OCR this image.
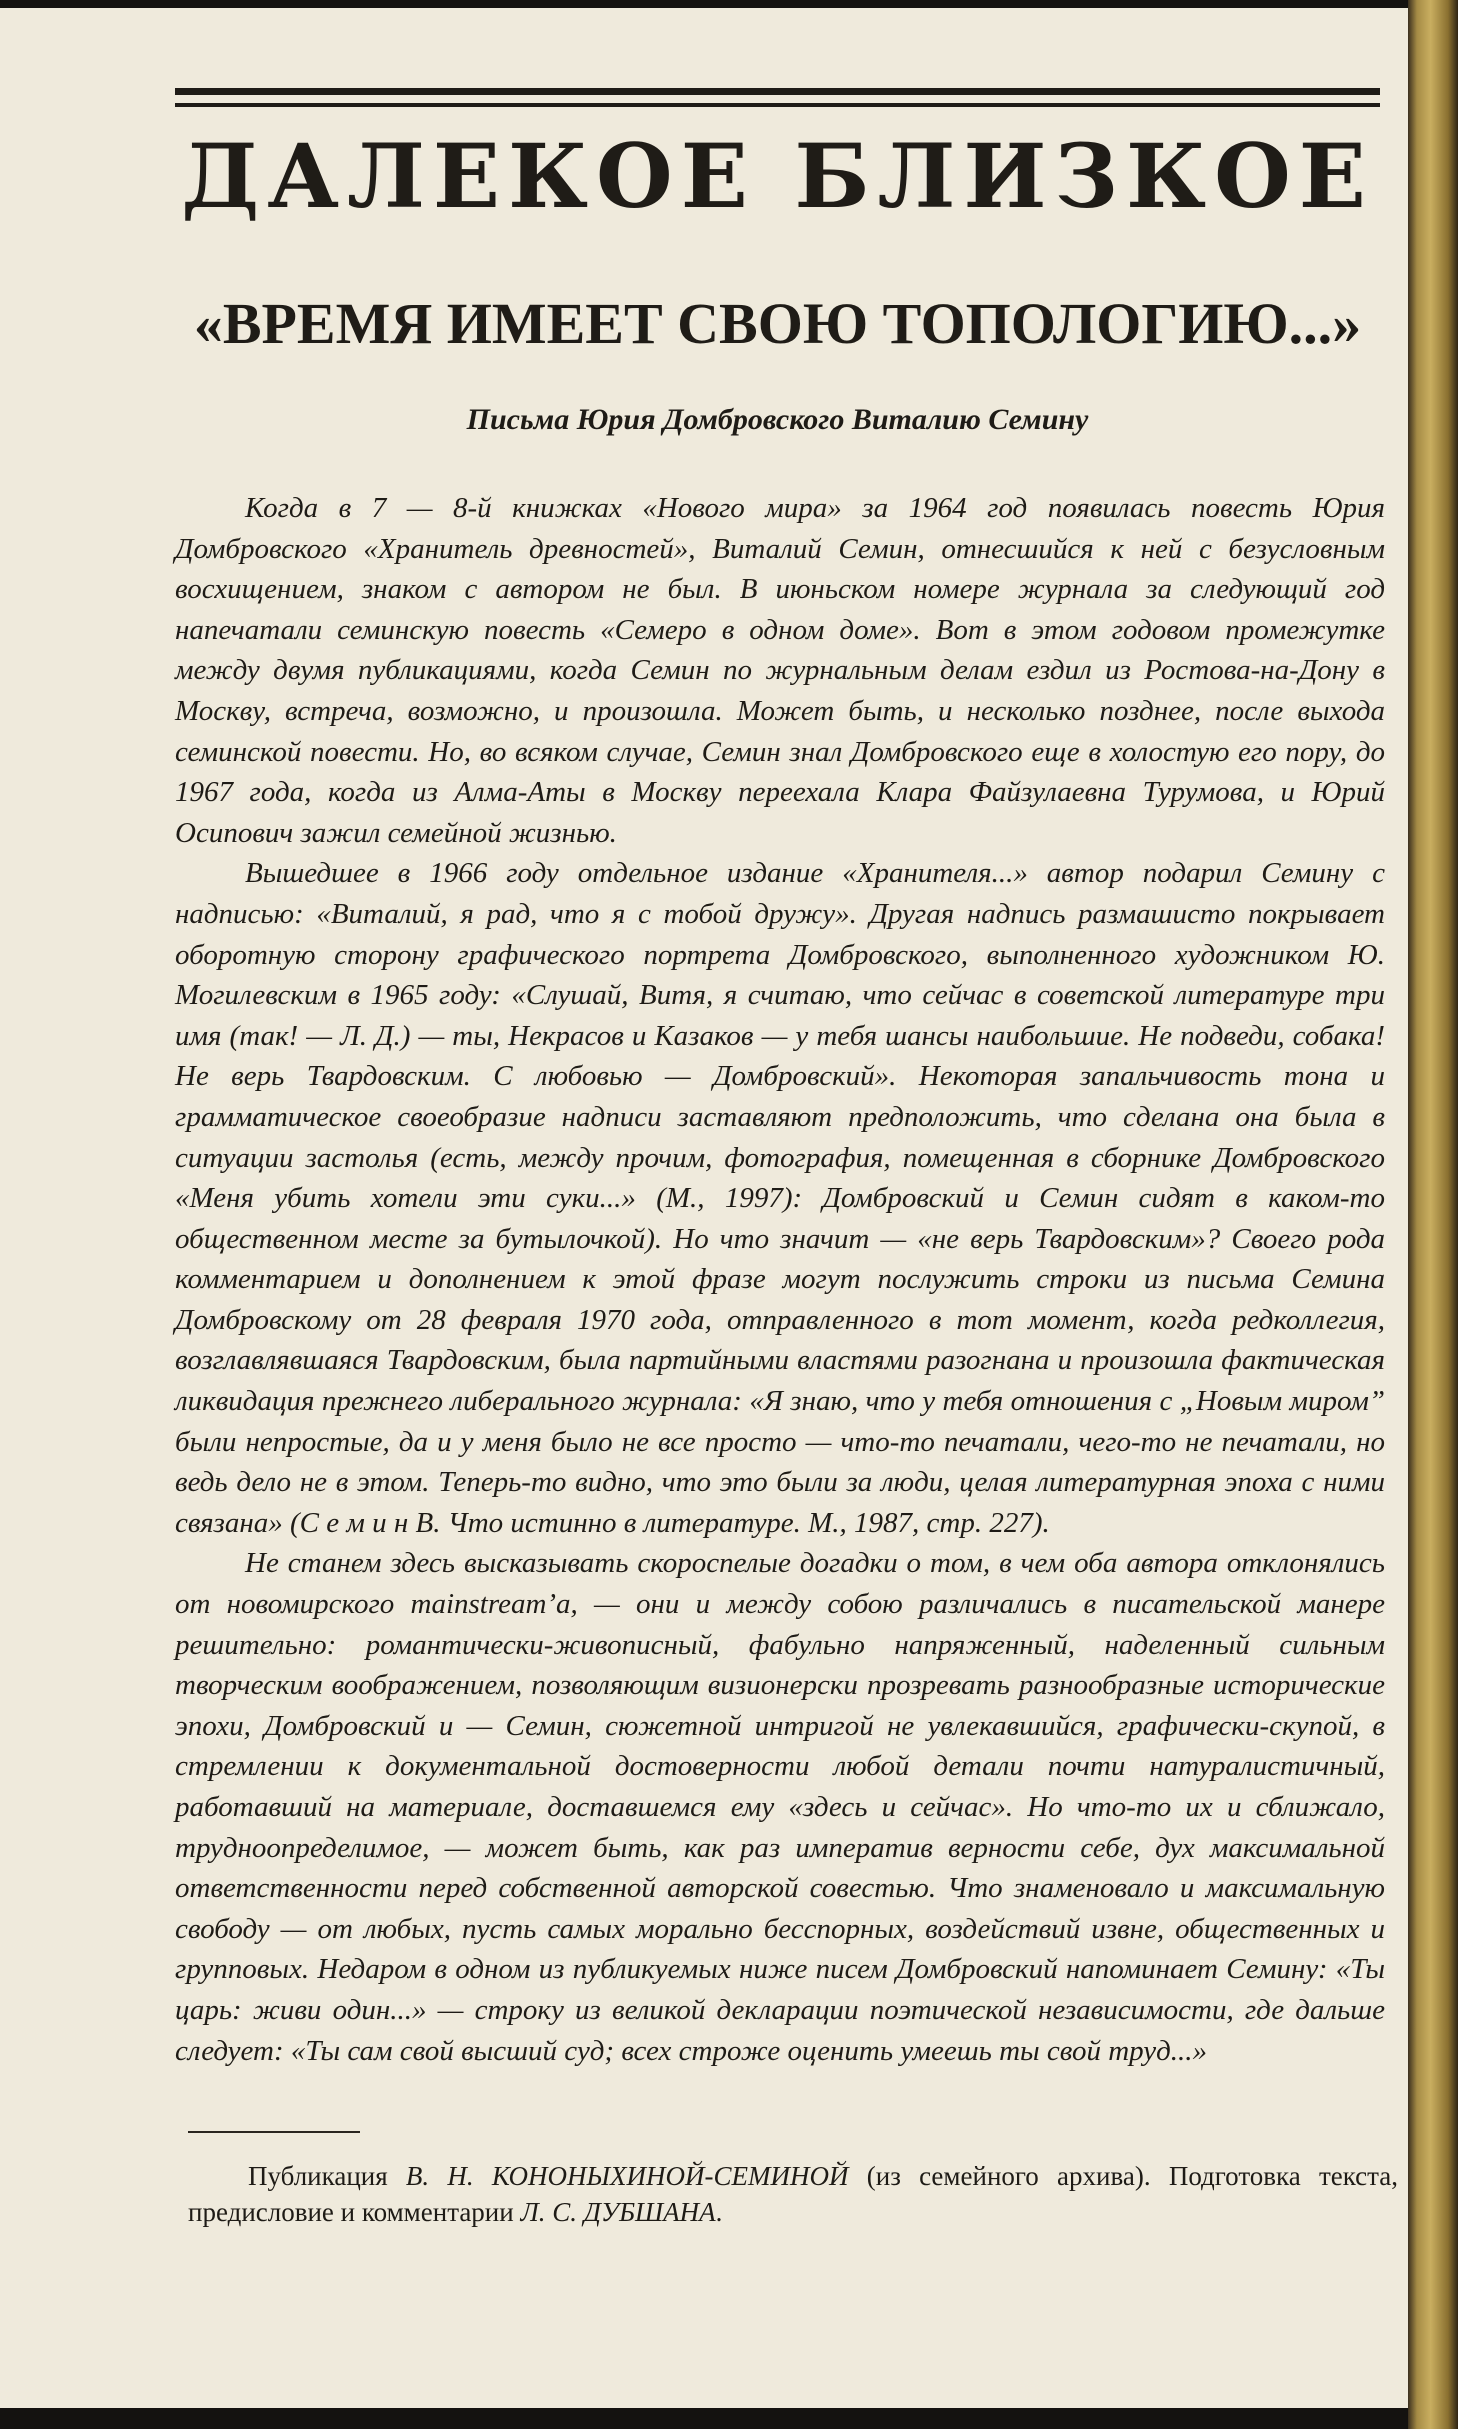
ДАЛЕКОЕ БЛИЗКОЕ
«ВРЕМЯ ИМЕЕТ СВОЮ ТОПОЛОГИЮ...»
Письма Юрия Домбровского Виталию Семину

Когда в 7 — 8-й книжках «Нового мира» за 1964 год появилась повесть Юрия Домбровского «Хранитель древностей», Виталий Семин, отнесшийся к ней с безусловным восхищением, знаком с автором не был. В июньском номере журнала за следующий год напечатали семинскую повесть «Семеро в одном доме». Вот в этом годовом промежутке между двумя публикациями, когда Семин по журнальным делам ездил из Ростова-на-Дону в Москву, встреча, возможно, и произошла. Может быть, и несколько позднее, после выхода семинской повести. Но, во всяком случае, Семин знал Домбровского еще в холостую его пору, до 1967 года, когда из Алма-Аты в Москву переехала Клара Файзулаевна Турумова, и Юрий Осипович зажил семейной жизнью.

Вышедшее в 1966 году отдельное издание «Хранителя...» автор подарил Семину с надписью: «Виталий, я рад, что я с тобой дружу». Другая надпись размашисто покрывает оборотную сторону графического портрета Домбровского, выполненного художником Ю. Могилевским в 1965 году: «Слушай, Витя, я считаю, что сейчас в советской литературе три имя (так! — Л. Д.) — ты, Некрасов и Казаков — у тебя шансы наибольшие. Не подведи, собака! Не верь Твардовским. С любовью — Домбровский». Некоторая запальчивость тона и грамматическое своеобразие надписи заставляют предположить, что сделана она была в ситуации застолья (есть, между прочим, фотография, помещенная в сборнике Домбровского «Меня убить хотели эти суки...» (М., 1997): Домбровский и Семин сидят в каком-то общественном месте за бутылочкой). Но что значит — «не верь Твардовским»? Своего рода комментарием и дополнением к этой фразе могут послужить строки из письма Семина Домбровскому от 28 февраля 1970 года, отправленного в тот момент, когда редколлегия, возглавлявшаяся Твардовским, была партийными властями разогнана и произошла фактическая ликвидация прежнего либерального журнала: «Я знаю, что у тебя отношения с „Новым миром” были непростые, да и у меня было не все просто — что-то печатали, чего-то не печатали, но ведь дело не в этом. Теперь-то видно, что это были за люди, целая литературная эпоха с ними связана» (С е м и н В. Что истинно в литературе. М., 1987, стр. 227).

Не станем здесь высказывать скороспелые догадки о том, в чем оба автора отклонялись от новомирского mainstream’а, — они и между собою различались в писательской манере решительно: романтически-живописный, фабульно напряженный, наделенный сильным творческим воображением, позволяющим визионерски прозревать разнообразные исторические эпохи, Домбровский и — Семин, сюжетной интригой не увлекавшийся, графически-скупой, в стремлении к документальной достоверности любой детали почти натуралистичный, работавший на материале, доставшемся ему «здесь и сейчас». Но что-то их и сближало, трудноопределимое, — может быть, как раз императив верности себе, дух максимальной ответственности перед собственной авторской совестью. Что знаменовало и максимальную свободу — от любых, пусть самых морально бесспорных, воздействий извне, общественных и групповых. Недаром в одном из публикуемых ниже писем Домбровский напоминает Семину: «Ты царь: живи один...» — строку из великой декларации поэтической независимости, где дальше следует: «Ты сам свой высший суд; всех строже оценить умеешь ты свой труд...»

Публикация В. Н. КОНОНЫХИНОЙ-СЕМИНОЙ (из семейного архива). Подготовка текста, предисловие и комментарии Л. С. ДУБШАНА.
